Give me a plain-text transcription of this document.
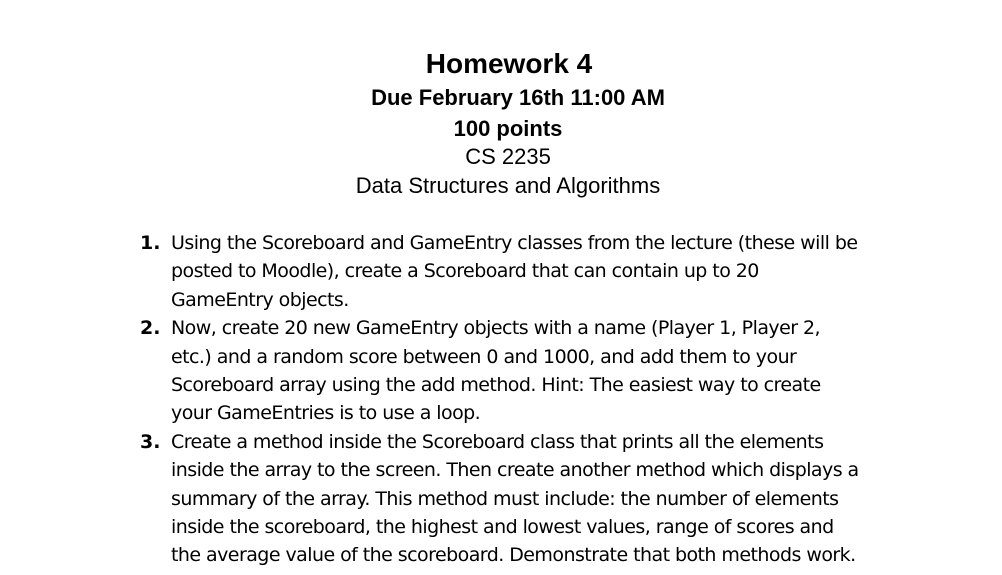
Homework 4
Due February 16th 11:00 AM
100 points
CS 2235
Data Structures and Algorithms
1. Using the Scoreboard and GameEntry classes from the lecture (these will be
posted to Moodle), create a Scoreboard that can contain up to 20
GameEntry objects.
2. Now, create 20 new GameEntry objects with a name (Player 1, Player 2,
etc.) and a random score between 0 and 1000, and add them to your
Scoreboard array using the add method. Hint: The easiest way to create
your GameEntries is to use a loop.
3. Create a method inside the Scoreboard class that prints all the elements
inside the array to the screen. Then create another method which displays a
summary of the array. This method must include: the number of elements
inside the scoreboard, the highest and lowest values, range of scores and
the average value of the scoreboard. Demonstrate that both methods work.
